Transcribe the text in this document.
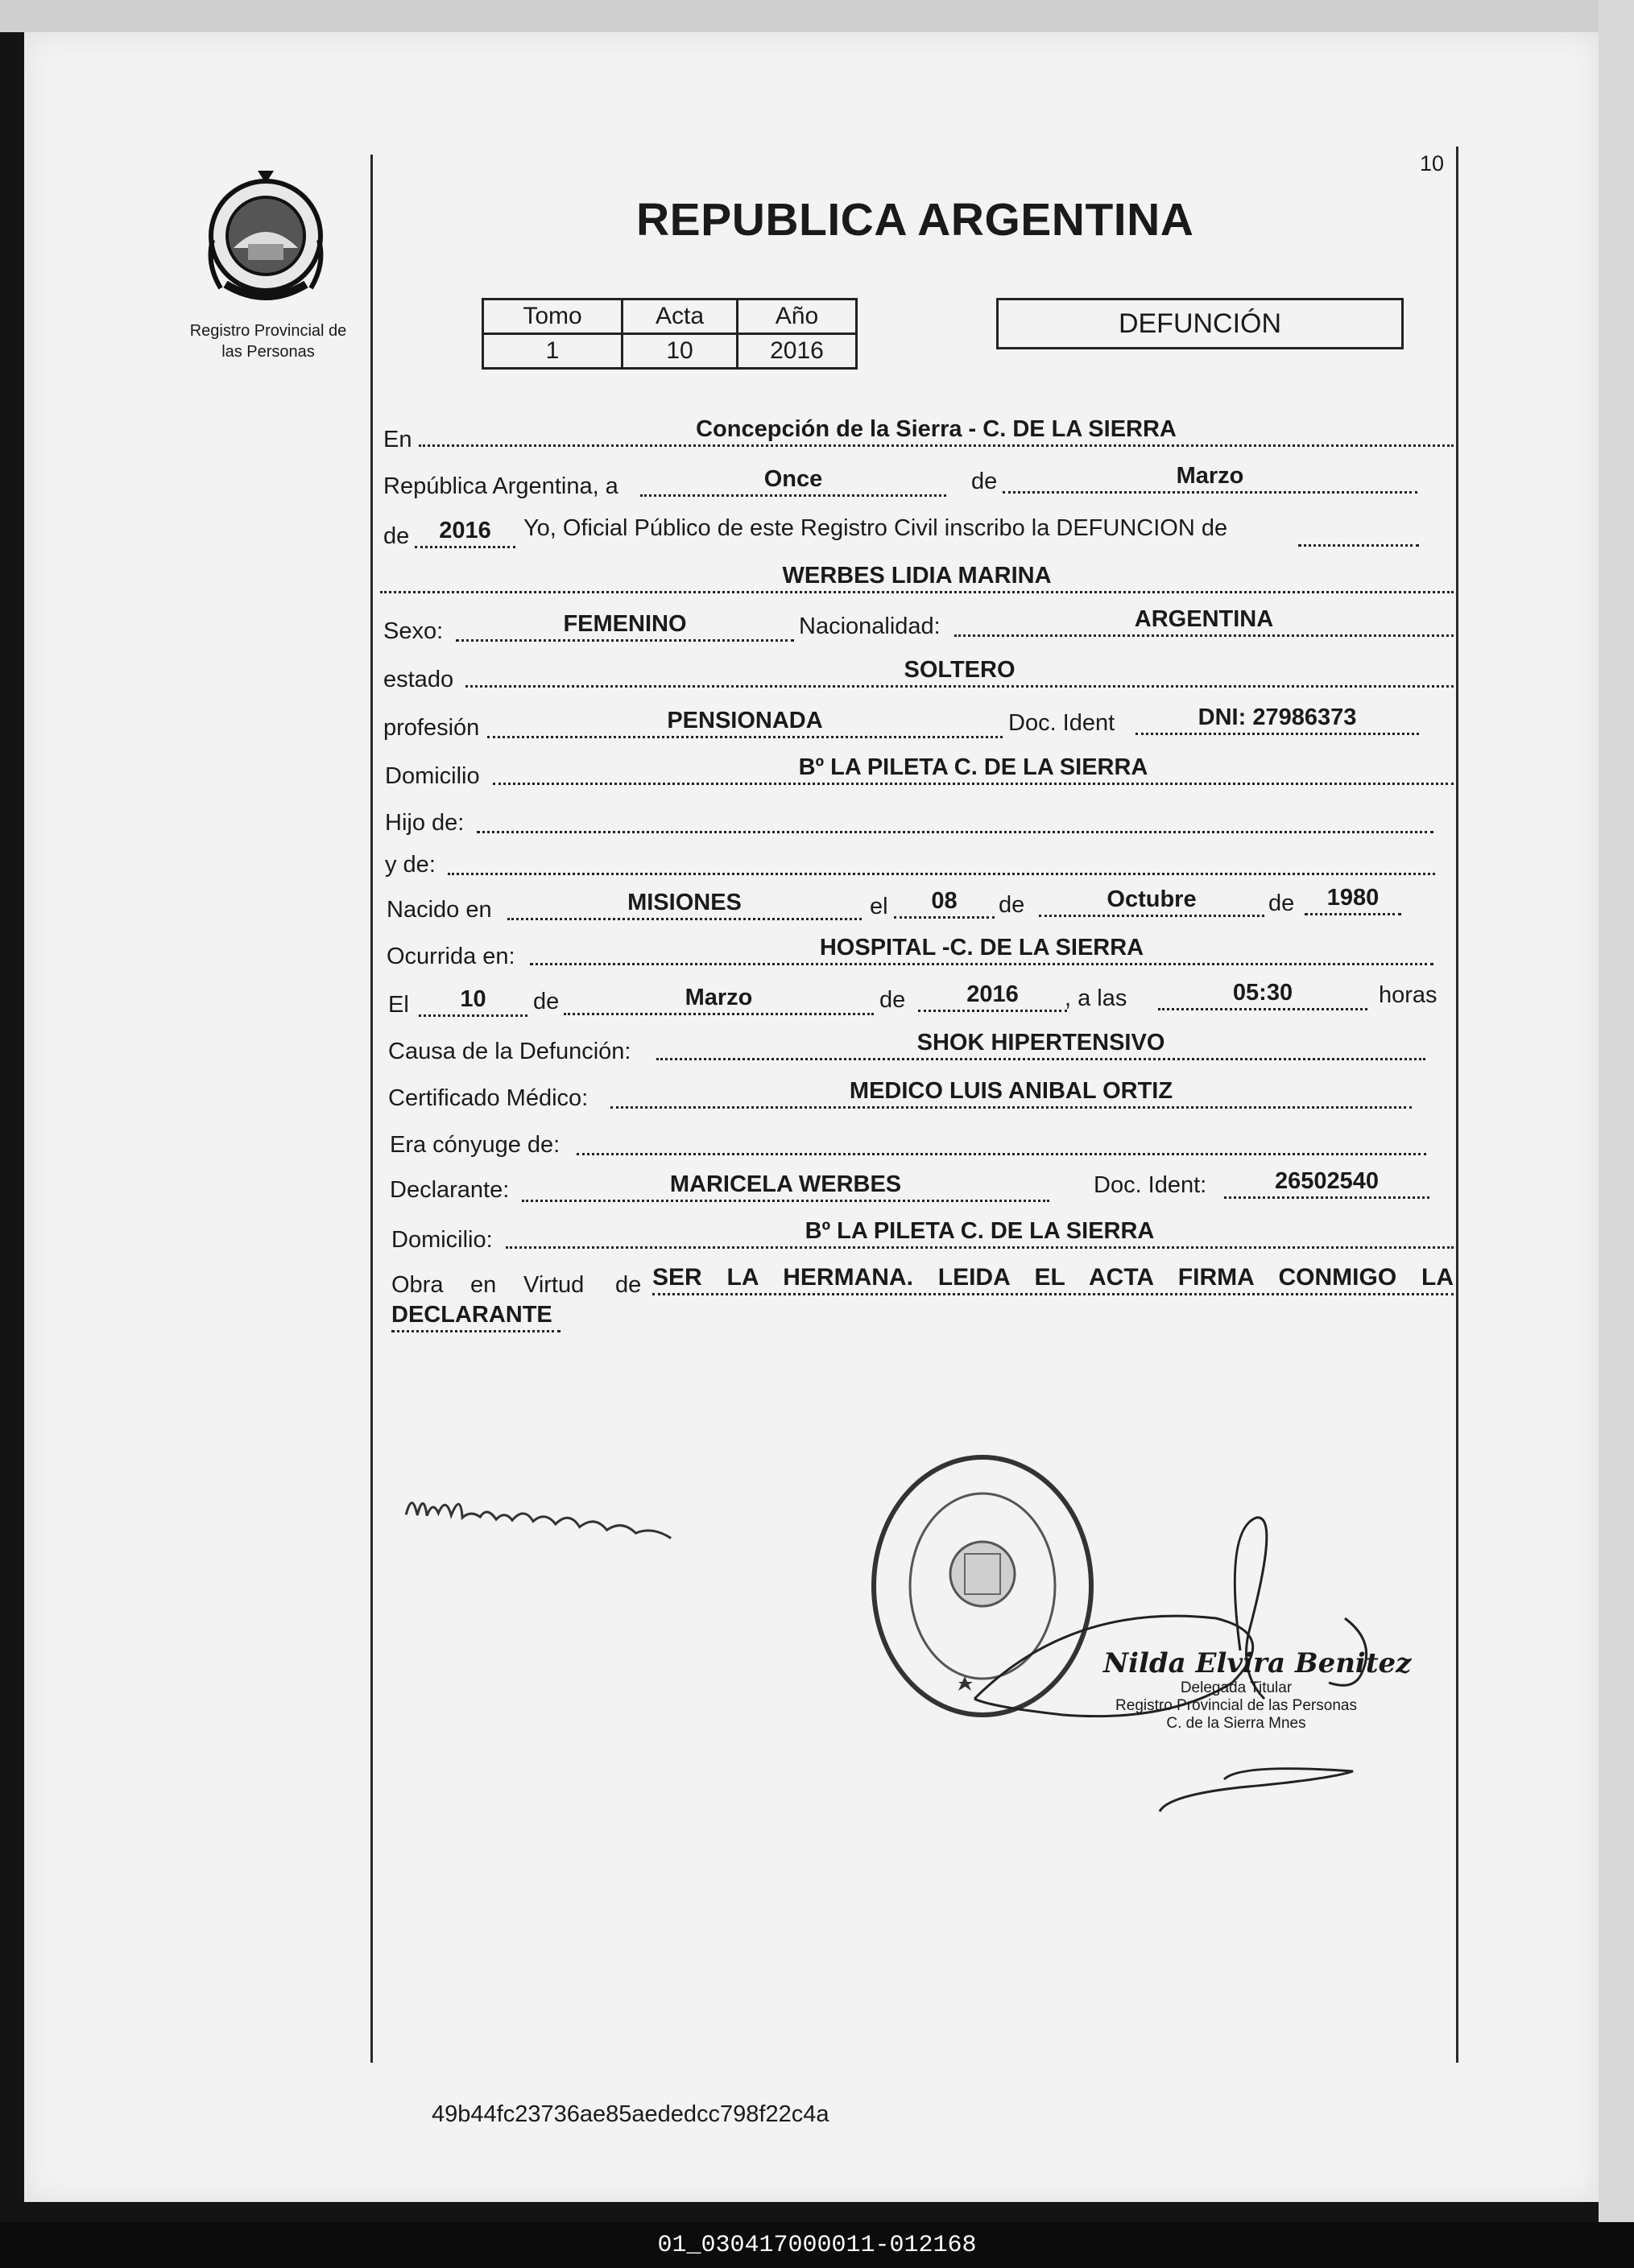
10
Registro Provincial de
las Personas
REPUBLICA ARGENTINA
Tomo	Acta	Año
1	10	2016
DEFUNCIÓN
En	Concepción de la Sierra - C. DE LA SIERRA
República Argentina, a	Once	de	Marzo
de	2016	Yo, Oficial Público de este Registro Civil inscribo la DEFUNCION de
WERBES LIDIA MARINA
Sexo:	FEMENINO	Nacionalidad:	ARGENTINA
estado	SOLTERO
profesión	PENSIONADA	Doc. Ident	DNI: 27986373
Domicilio	Bº LA PILETA C. DE LA SIERRA
Hijo de:
y de:
Nacido en	MISIONES	el	08	de	Octubre	de	1980
Ocurrida en:	HOSPITAL -C. DE LA SIERRA
El	10	de	Marzo	de	2016	, a las	05:30	horas
Causa de la Defunción:	SHOK HIPERTENSIVO
Certificado Médico:	MEDICO LUIS ANIBAL ORTIZ
Era cónyuge de:
Declarante:	MARICELA WERBES	Doc. Ident:	26502540
Domicilio:	Bº LA PILETA C. DE LA SIERRA
Obra en Virtud de SER LA HERMANA. LEIDA EL ACTA FIRMA CONMIGO LA
DECLARANTE
Nilda Elvira Benitez
Delegada Titular
Registro Provincial de las Personas
C. de la Sierra Mnes
49b44fc23736ae85aededcc798f22c4a
01_030417000011-012168
